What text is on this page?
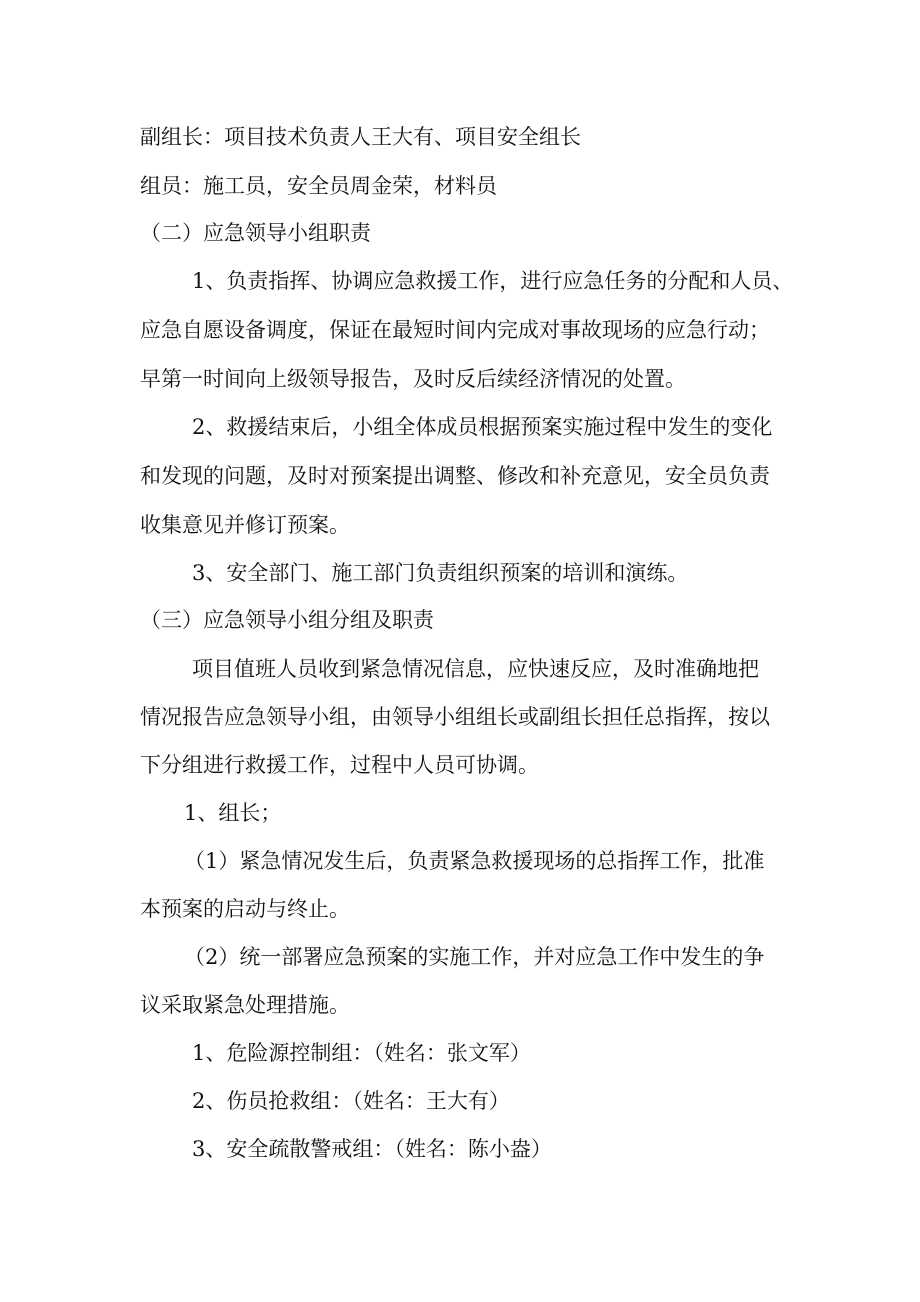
副组长：项目技术负责人王大有、项目安全组长
组员：施工员，安全员周金荣，材料员
（二）应急领导小组职责
1、负责指挥、协调应急救援工作，进行应急任务的分配和人员、
应急自愿设备调度，保证在最短时间内完成对事故现场的应急行动；
早第一时间向上级领导报告，及时反后续经济情况的处置。
2、救援结束后，小组全体成员根据预案实施过程中发生的变化
和发现的问题，及时对预案提出调整、修改和补充意见，安全员负责
收集意见并修订预案。
3、安全部门、施工部门负责组织预案的培训和演练。
（三）应急领导小组分组及职责
项目值班人员收到紧急情况信息，应快速反应，及时准确地把
情况报告应急领导小组，由领导小组组长或副组长担任总指挥，按以
下分组进行救援工作，过程中人员可协调。
1、组长；
（1）紧急情况发生后，负责紧急救援现场的总指挥工作，批准
本预案的启动与终止。
（2）统一部署应急预案的实施工作，并对应急工作中发生的争
议采取紧急处理措施。
1、危险源控制组：（姓名：张文军）
2、伤员抢救组：（姓名：王大有）
3、安全疏散警戒组：（姓名：陈小盎）
